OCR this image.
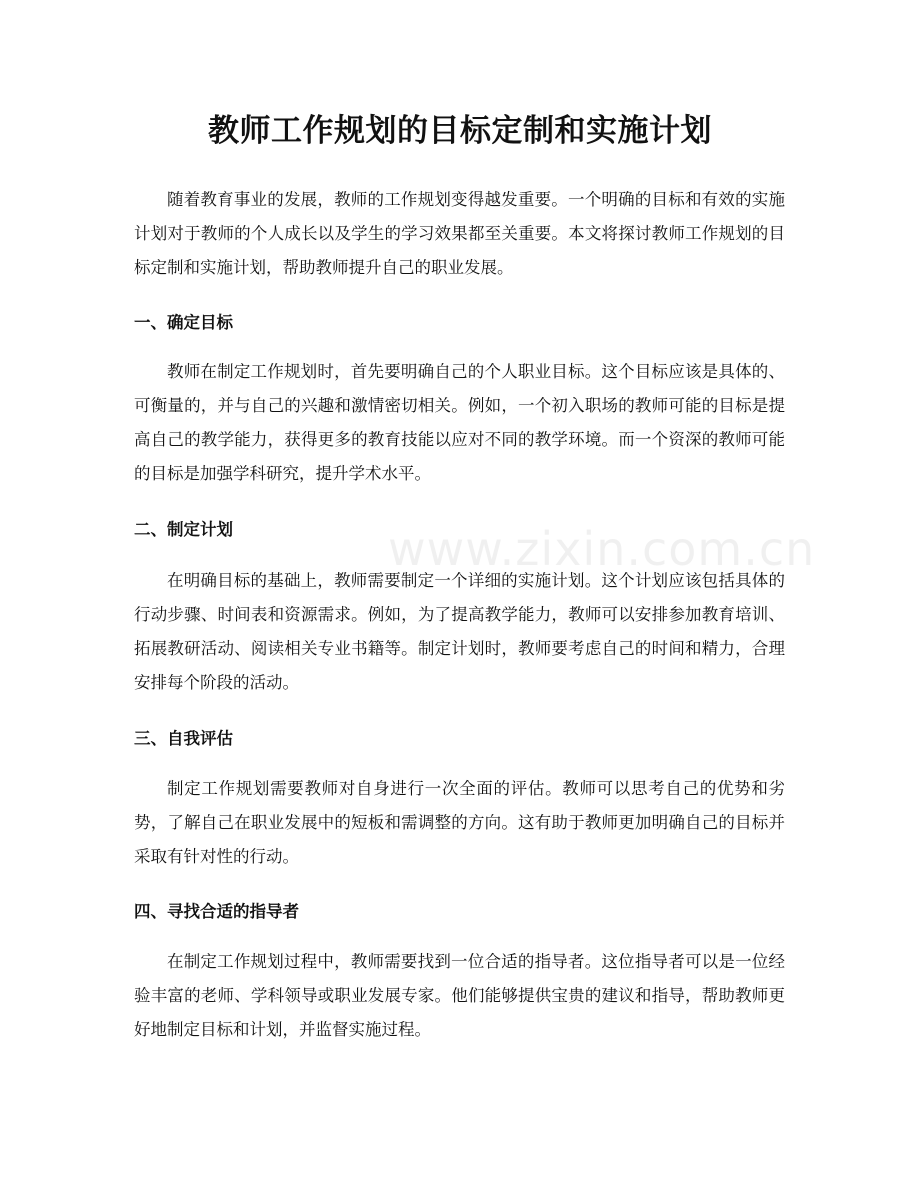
www.zixin.com.cn
教师工作规划的目标定制和实施计划

随着教育事业的发展，教师的工作规划变得越发重要。一个明确的目标和有效的实施计划对于教师的个人成长以及学生的学习效果都至关重要。本文将探讨教师工作规划的目标定制和实施计划，帮助教师提升自己的职业发展。

一、确定目标

教师在制定工作规划时，首先要明确自己的个人职业目标。这个目标应该是具体的、可衡量的，并与自己的兴趣和激情密切相关。例如，一个初入职场的教师可能的目标是提高自己的教学能力，获得更多的教育技能以应对不同的教学环境。而一个资深的教师可能的目标是加强学科研究，提升学术水平。

二、制定计划

在明确目标的基础上，教师需要制定一个详细的实施计划。这个计划应该包括具体的行动步骤、时间表和资源需求。例如，为了提高教学能力，教师可以安排参加教育培训、拓展教研活动、阅读相关专业书籍等。制定计划时，教师要考虑自己的时间和精力，合理安排每个阶段的活动。

三、自我评估

制定工作规划需要教师对自身进行一次全面的评估。教师可以思考自己的优势和劣势，了解自己在职业发展中的短板和需调整的方向。这有助于教师更加明确自己的目标并采取有针对性的行动。

四、寻找合适的指导者

在制定工作规划过程中，教师需要找到一位合适的指导者。这位指导者可以是一位经验丰富的老师、学科领导或职业发展专家。他们能够提供宝贵的建议和指导，帮助教师更好地制定目标和计划，并监督实施过程。
